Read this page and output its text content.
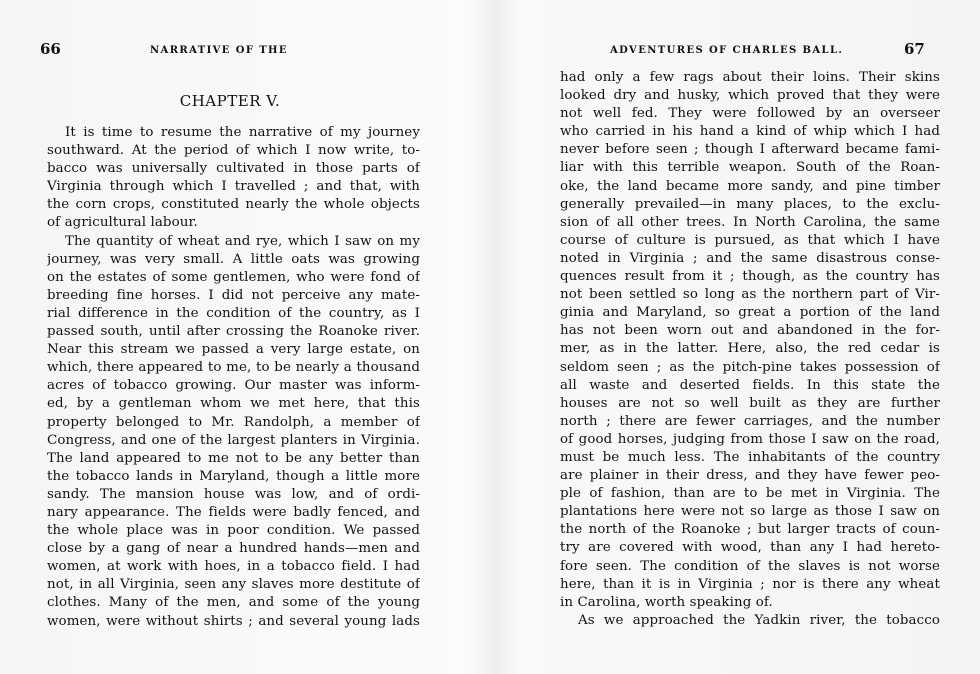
66	NARRATIVE OF THE
CHAPTER V.
It is time to resume the narrative of my journey
southward. At the period of which I now write, to-
bacco was universally cultivated in those parts of
Virginia through which I travelled ; and that, with
the corn crops, constituted nearly the whole objects
of agricultural labour.
The quantity of wheat and rye, which I saw on my
journey, was very small. A little oats was growing
on the estates of some gentlemen, who were fond of
breeding fine horses. I did not perceive any mate-
rial difference in the condition of the country, as I
passed south, until after crossing the Roanoke river.
Near this stream we passed a very large estate, on
which, there appeared to me, to be nearly a thousand
acres of tobacco growing. Our master was inform-
ed, by a gentleman whom we met here, that this
property belonged to Mr. Randolph, a member of
Congress, and one of the largest planters in Virginia.
The land appeared to me not to be any better than
the tobacco lands in Maryland, though a little more
sandy. The mansion house was low, and of ordi-
nary appearance. The fields were badly fenced, and
the whole place was in poor condition. We passed
close by a gang of near a hundred hands—men and
women, at work with hoes, in a tobacco field. I had
not, in all Virginia, seen any slaves more destitute of
clothes. Many of the men, and some of the young
women, were without shirts ; and several young lads
ADVENTURES OF CHARLES BALL.	67
had only a few rags about their loins. Their skins
looked dry and husky, which proved that they were
not well fed. They were followed by an overseer
who carried in his hand a kind of whip which I had
never before seen ; though I afterward became fami-
liar with this terrible weapon. South of the Roan-
oke, the land became more sandy, and pine timber
generally prevailed—in many places, to the exclu-
sion of all other trees. In North Carolina, the same
course of culture is pursued, as that which I have
noted in Virginia ; and the same disastrous conse-
quences result from it ; though, as the country has
not been settled so long as the northern part of Vir-
ginia and Maryland, so great a portion of the land
has not been worn out and abandoned in the for-
mer, as in the latter. Here, also, the red cedar is
seldom seen ; as the pitch-pine takes possession of
all waste and deserted fields. In this state the
houses are not so well built as they are further
north ; there are fewer carriages, and the number
of good horses, judging from those I saw on the road,
must be much less. The inhabitants of the country
are plainer in their dress, and they have fewer peo-
ple of fashion, than are to be met in Virginia. The
plantations here were not so large as those I saw on
the north of the Roanoke ; but larger tracts of coun-
try are covered with wood, than any I had hereto-
fore seen. The condition of the slaves is not worse
here, than it is in Virginia ; nor is there any wheat
in Carolina, worth speaking of.
As we approached the Yadkin river, the tobacco
